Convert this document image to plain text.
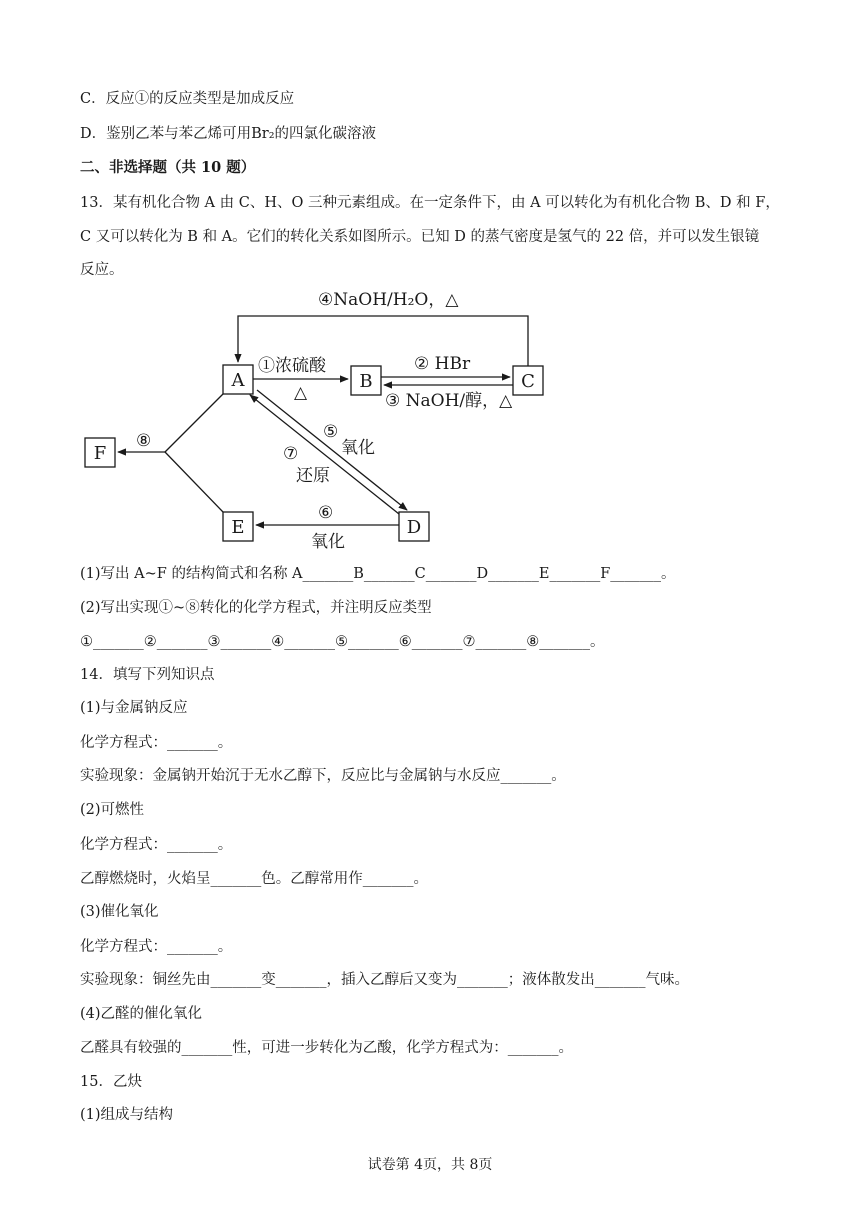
C．反应①的反应类型是加成反应
D．鉴别乙苯与苯乙烯可用Br₂的四氯化碳溶液
二、非选择题（共 10 题）
13．某有机化合物 A 由 C、H、O 三种元素组成。在一定条件下，由 A 可以转化为有机化合物 B、D 和 F，
C 又可以转化为 B 和 A。它们的转化关系如图所示。已知 D 的蒸气密度是氢气的 22 倍，并可以发生银镜
反应。
A	B	C
D
E
F
④NaOH/H₂O，△
①浓硫酸
△
② HBr
③ NaOH/醇，△
⑤
氧化
⑦
还原
⑥
氧化
⑧
(1)写出 A~F 的结构简式和名称 A_______B_______C_______D_______E_______F_______。
(2)写出实现①~⑧转化的化学方程式，并注明反应类型
①_______②_______③_______④_______⑤_______⑥_______⑦_______⑧_______。
14．填写下列知识点
(1)与金属钠反应
化学方程式：_______。
实验现象：金属钠开始沉于无水乙醇下，反应比与金属钠与水反应_______。
(2)可燃性
化学方程式：_______。
乙醇燃烧时，火焰呈_______色。乙醇常用作_______。
(3)催化氧化
化学方程式：_______。
实验现象：铜丝先由_______变_______，插入乙醇后又变为_______；液体散发出_______气味。
(4)乙醛的催化氧化
乙醛具有较强的_______性，可进一步转化为乙酸，化学方程式为：_______。
15．乙炔
(1)组成与结构
试卷第 4页，共 8页
